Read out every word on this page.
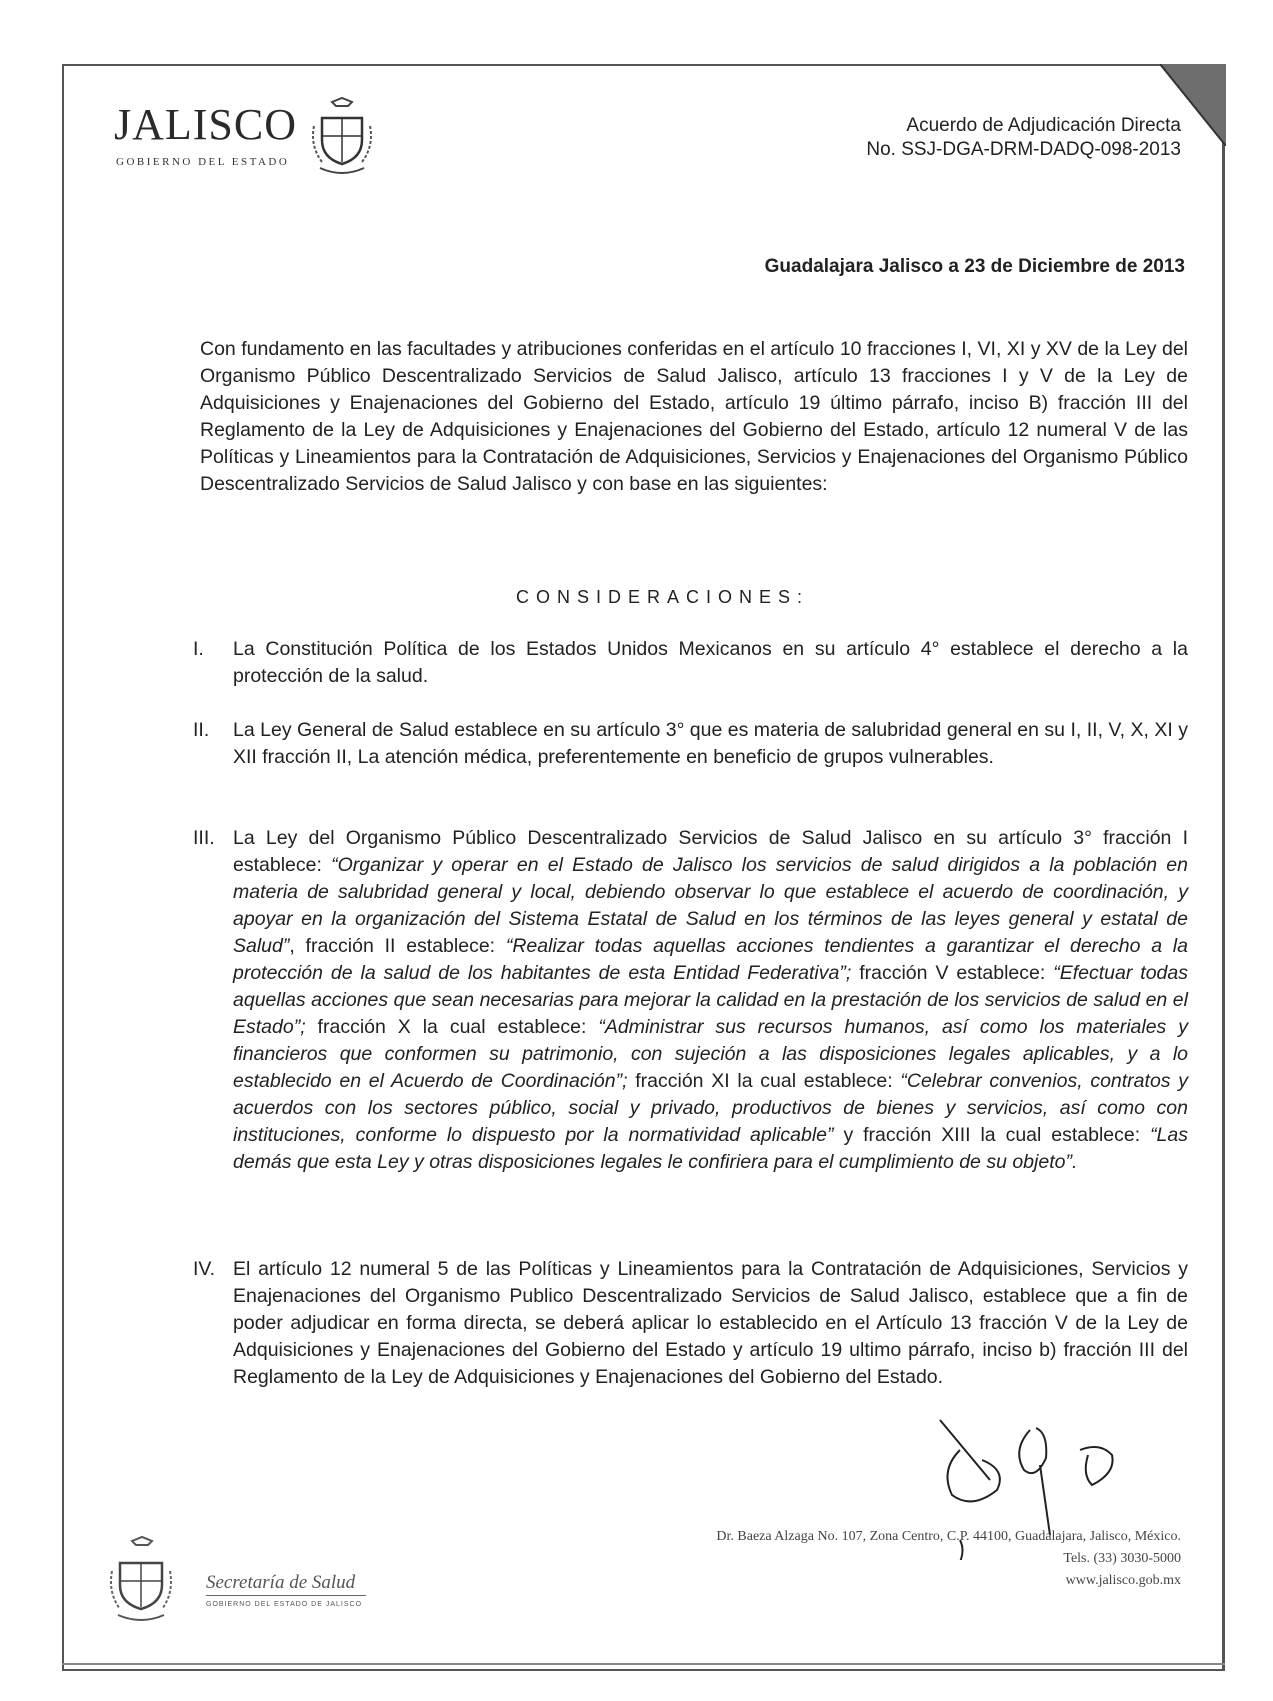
JALISCO
GOBIERNO DEL ESTADO
Acuerdo de Adjudicación Directa
No. SSJ-DGA-DRM-DADQ-098-2013
Guadalajara Jalisco a 23 de Diciembre de 2013
Con fundamento en las facultades y atribuciones conferidas en el artículo 10 fracciones I, VI, XI y XV de la Ley del Organismo Público Descentralizado Servicios de Salud Jalisco, artículo 13 fracciones I y V de la Ley de Adquisiciones y Enajenaciones del Gobierno del Estado, artículo 19 último párrafo, inciso B) fracción III del Reglamento de la Ley de Adquisiciones y Enajenaciones del Gobierno del Estado, artículo 12 numeral V de las Políticas y Lineamientos para la Contratación de Adquisiciones, Servicios y Enajenaciones del Organismo Público Descentralizado Servicios de Salud Jalisco y con base en las siguientes:
CONSIDERACIONES:
I.	La Constitución Política de los Estados Unidos Mexicanos en su artículo 4° establece el derecho a la protección de la salud.
II.	La Ley General de Salud establece en su artículo 3° que es materia de salubridad general en su I, II, V, X, XI y XII fracción II, La atención médica, preferentemente en beneficio de grupos vulnerables.
III. La Ley del Organismo Público Descentralizado Servicios de Salud Jalisco en su artículo 3° fracción I establece: “Organizar y operar en el Estado de Jalisco los servicios de salud dirigidos a la población en materia de salubridad general y local, debiendo observar lo que establece el acuerdo de coordinación, y apoyar en la organización del Sistema Estatal de Salud en los términos de las leyes general y estatal de Salud”, fracción II establece: “Realizar todas aquellas acciones tendientes a garantizar el derecho a la protección de la salud de los habitantes de esta Entidad Federativa”; fracción V establece: “Efectuar todas aquellas acciones que sean necesarias para mejorar la calidad en la prestación de los servicios de salud en el Estado”; fracción X la cual establece: “Administrar sus recursos humanos, así como los materiales y financieros que conformen su patrimonio, con sujeción a las disposiciones legales aplicables, y a lo establecido en el Acuerdo de Coordinación”; fracción XI la cual establece: “Celebrar convenios, contratos y acuerdos con los sectores público, social y privado, productivos de bienes y servicios, así como con instituciones, conforme lo dispuesto por la normatividad aplicable” y fracción XIII la cual establece: “Las demás que esta Ley y otras disposiciones legales le confiriera para el cumplimiento de su objeto”.
IV. El artículo 12 numeral 5 de las Políticas y Lineamientos para la Contratación de Adquisiciones, Servicios y Enajenaciones del Organismo Publico Descentralizado Servicios de Salud Jalisco, establece que a fin de poder adjudicar en forma directa, se deberá aplicar lo establecido en el Artículo 13 fracción V de la Ley de Adquisiciones y Enajenaciones del Gobierno del Estado y artículo 19 ultimo párrafo, inciso b) fracción III del Reglamento de la Ley de Adquisiciones y Enajenaciones del Gobierno del Estado.
Dr. Baeza Alzaga No. 107, Zona Centro, C.P. 44100, Guadalajara, Jalisco, México.
Tels. (33) 3030-5000
www.jalisco.gob.mx
Secretaría de Salud
GOBIERNO DEL ESTADO DE JALISCO
